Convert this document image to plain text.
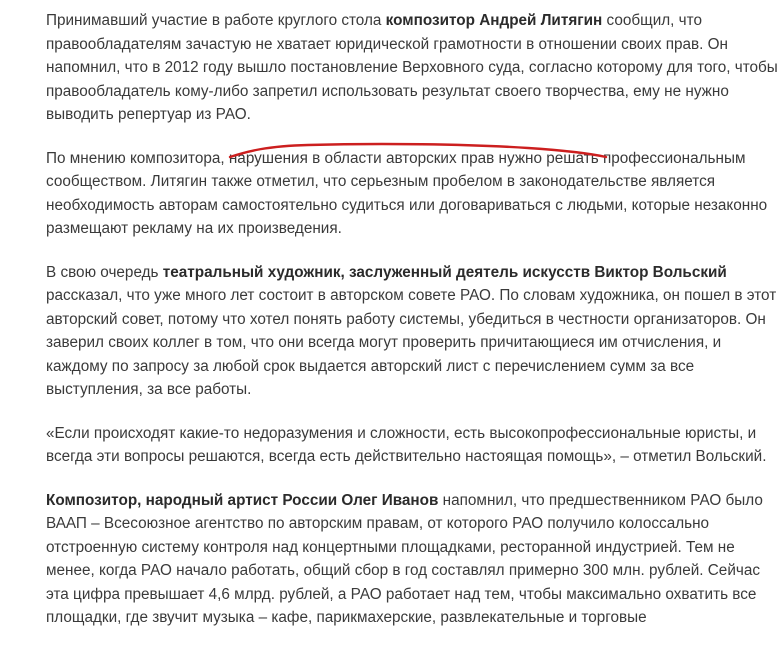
Принимавший участие в работе круглого стола композитор Андрей Литягин сообщил, что правообладателям зачастую не хватает юридической грамотности в отношении своих прав. Он напомнил, что в 2012 году вышло постановление Верховного суда, согласно которому для того, чтобы правообладатель кому-либо запретил использовать результат своего творчества, ему не нужно выводить репертуар из РАО.

По мнению композитора, нарушения в области авторских прав нужно решать профессиональным сообществом. Литягин также отметил, что серьезным пробелом в законодательстве является необходимость авторам самостоятельно судиться или договариваться с людьми, которые незаконно размещают рекламу на их произведения.

В свою очередь театральный художник, заслуженный деятель искусств Виктор Вольский рассказал, что уже много лет состоит в авторском совете РАО. По словам художника, он пошел в этот авторский совет, потому что хотел понять работу системы, убедиться в честности организаторов. Он заверил своих коллег в том, что они всегда могут проверить причитающиеся им отчисления, и каждому по запросу за любой срок выдается авторский лист с перечислением сумм за все выступления, за все работы.

«Если происходят какие-то недоразумения и сложности, есть высокопрофессиональные юристы, и всегда эти вопросы решаются, всегда есть действительно настоящая помощь», – отметил Вольский.

Композитор, народный артист России Олег Иванов напомнил, что предшественником РАО было ВААП – Всесоюзное агентство по авторским правам, от которого РАО получило колоссально отстроенную систему контроля над концертными площадками, ресторанной индустрией. Тем не менее, когда РАО начало работать, общий сбор в год составлял примерно 300 млн. рублей. Сейчас эта цифра превышает 4,6 млрд. рублей, а РАО работает над тем, чтобы максимально охватить все площадки, где звучит музыка – кафе, парикмахерские, развлекательные и торговые
